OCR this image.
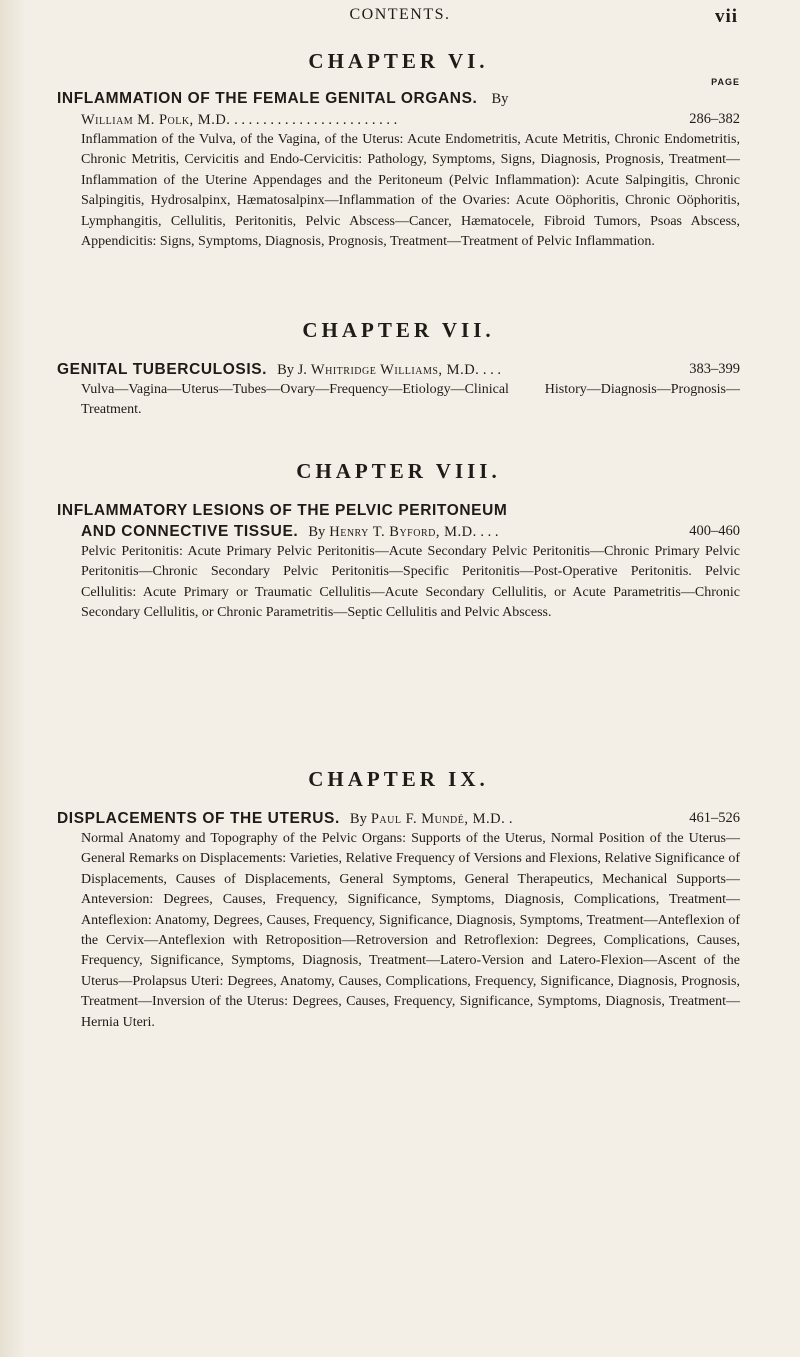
CONTENTS.	vii
CHAPTER VI.
PAGE
INFLAMMATION OF THE FEMALE GENITAL ORGANS. By
William M. Polk, M.D. . . . . . . . . . . . . . . . . . . . . . . .	286–382

Inflammation of the Vulva, of the Vagina, of the Uterus: Acute Endometritis, Acute Metritis, Chronic Endometritis, Chronic Metritis, Cervicitis and Endo-Cervicitis: Pathology, Symptoms, Signs, Diagnosis, Prognosis, Treatment—Inflammation of the Uterine Appendages and the Peritoneum (Pelvic Inflammation): Acute Salpingitis, Chronic Salpingitis, Hydrosalpinx, Hæmatosalpinx—Inflammation of the Ovaries: Acute Oöphoritis, Chronic Oöphoritis, Lymphangitis, Cellulitis, Peritonitis, Pelvic Abscess—Cancer, Hæmatocele, Fibroid Tumors, Psoas Abscess, Appendicitis: Signs, Symptoms, Diagnosis, Prognosis, Treatment—Treatment of Pelvic Inflammation.

CHAPTER VII.
GENITAL TUBERCULOSIS. By J. Whitridge Williams, M.D. . . .	383–399

Vulva—Vagina—Uterus—Tubes—Ovary—Frequency—Etiology—Clinical History—Diagnosis—Prognosis—Treatment.

CHAPTER VIII.
INFLAMMATORY LESIONS OF THE PELVIC PERITONEUM
AND CONNECTIVE TISSUE. By Henry T. Byford, M.D. . . .	400–460

Pelvic Peritonitis: Acute Primary Pelvic Peritonitis—Acute Secondary Pelvic Peritonitis—Chronic Primary Pelvic Peritonitis—Chronic Secondary Pelvic Peritonitis—Specific Peritonitis—Post-Operative Peritonitis. Pelvic Cellulitis: Acute Primary or Traumatic Cellulitis—Acute Secondary Cellulitis, or Acute Parametritis—Chronic Secondary Cellulitis, or Chronic Parametritis—Septic Cellulitis and Pelvic Abscess.

CHAPTER IX.
DISPLACEMENTS OF THE UTERUS. By Paul F. Mundé, M.D. .	461–526

Normal Anatomy and Topography of the Pelvic Organs: Supports of the Uterus, Normal Position of the Uterus—General Remarks on Displacements: Varieties, Relative Frequency of Versions and Flexions, Relative Significance of Displacements, Causes of Displacements, General Symptoms, General Therapeutics, Mechanical Supports—Anteversion: Degrees, Causes, Frequency, Significance, Symptoms, Diagnosis, Complications, Treatment—Anteflexion: Anatomy, Degrees, Causes, Frequency, Significance, Diagnosis, Symptoms, Treatment—Anteflexion of the Cervix—Anteflexion with Retroposition—Retroversion and Retroflexion: Degrees, Complications, Causes, Frequency, Significance, Symptoms, Diagnosis, Treatment—Latero-Version and Latero-Flexion—Ascent of the Uterus—Prolapsus Uteri: Degrees, Anatomy, Causes, Complications, Frequency, Significance, Diagnosis, Prognosis, Treatment—Inversion of the Uterus: Degrees, Causes, Frequency, Significance, Symptoms, Diagnosis, Treatment—Hernia Uteri.
